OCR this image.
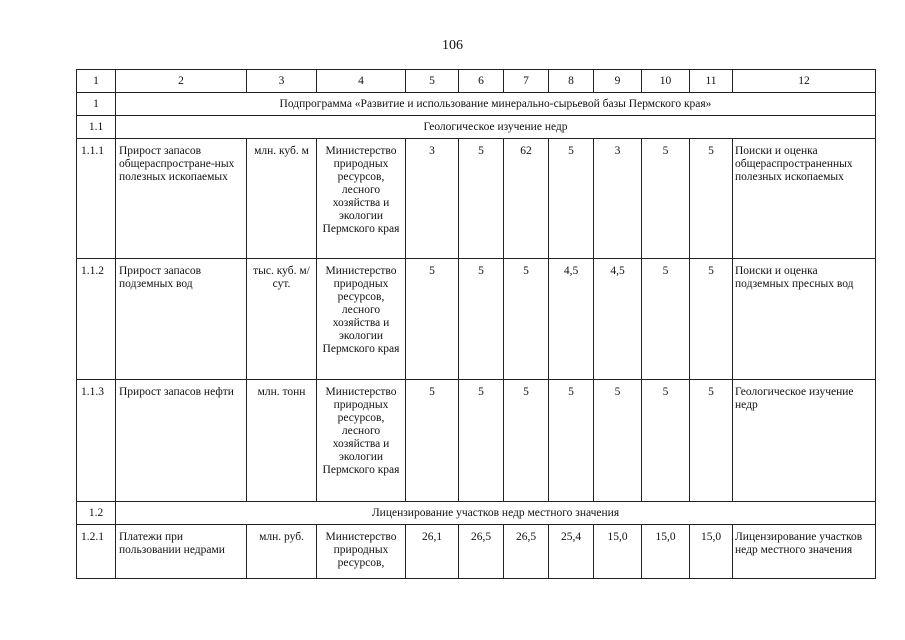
106
1	2	3	4	5	6	7	8	9	10	11	12
1	Подпрограмма «Развитие и использование минерально-сырьевой базы Пермского края»										
1.1	Геологическое изучение недр										
1.1.1	Прирост запасов общераспростране-ных полезных ископаемых	млн. куб. м	Министерство природных ресурсов, лесного хозяйства и экологии Пермского края	3	5	62	5	3	5	5	Поиски и оценка общераспространенных полезных ископаемых
1.1.2	Прирост запасов подземных вод	тыс. куб. м/сут.	Министерство природных ресурсов, лесного хозяйства и экологии Пермского края	5	5	5	4,5	4,5	5	5	Поиски и оценка подземных пресных вод
1.1.3	Прирост запасов нефти	млн. тонн	Министерство природных ресурсов, лесного хозяйства и экологии Пермского края	5	5	5	5	5	5	5	Геологическое изучение недр
1.2	Лицензирование участков недр местного значения										
1.2.1	Платежи при пользовании недрами	млн. руб.	Министерство природных ресурсов,	26,1	26,5	26,5	25,4	15,0	15,0	15,0	Лицензирование участков недр местного значения
